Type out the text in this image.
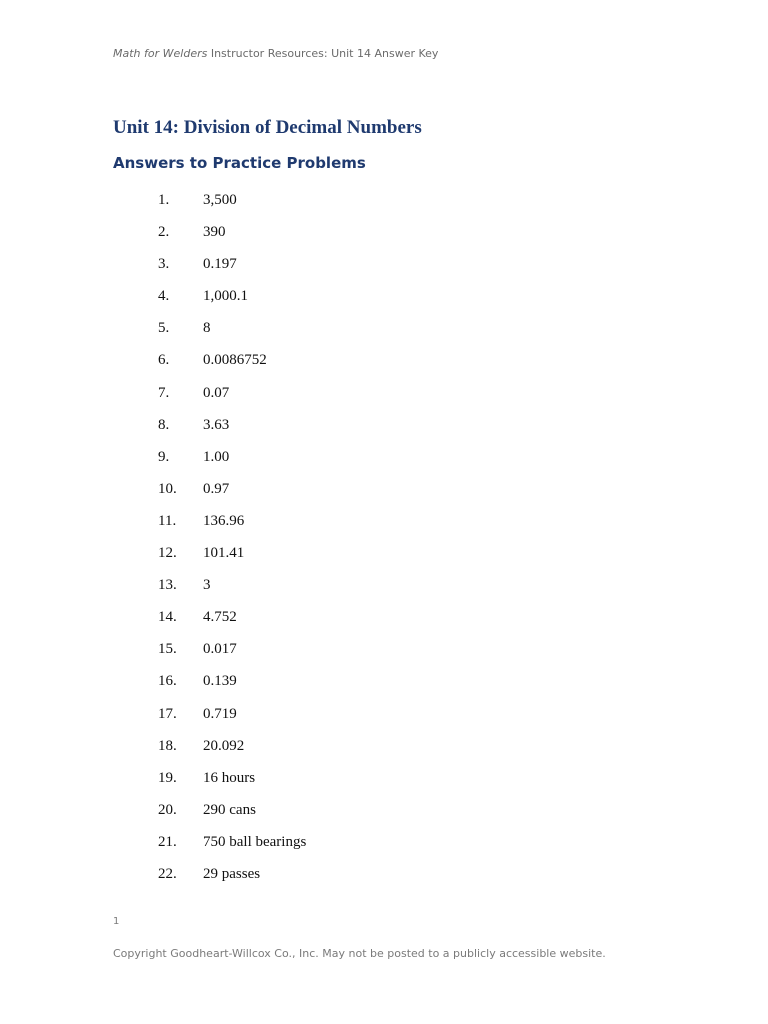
Math for Welders Instructor Resources: Unit 14 Answer Key
Unit 14: Division of Decimal Numbers
Answers to Practice Problems
1. 3,500
2. 390
3. 0.197
4. 1,000.1
5. 8
6. 0.0086752
7. 0.07
8. 3.63
9. 1.00
10. 0.97
11. 136.96
12. 101.41
13. 3
14. 4.752
15. 0.017
16. 0.139
17. 0.719
18. 20.092
19. 16 hours
20. 290 cans
21. 750 ball bearings
22. 29 passes
1
Copyright Goodheart-Willcox Co., Inc. May not be posted to a publicly accessible website.
